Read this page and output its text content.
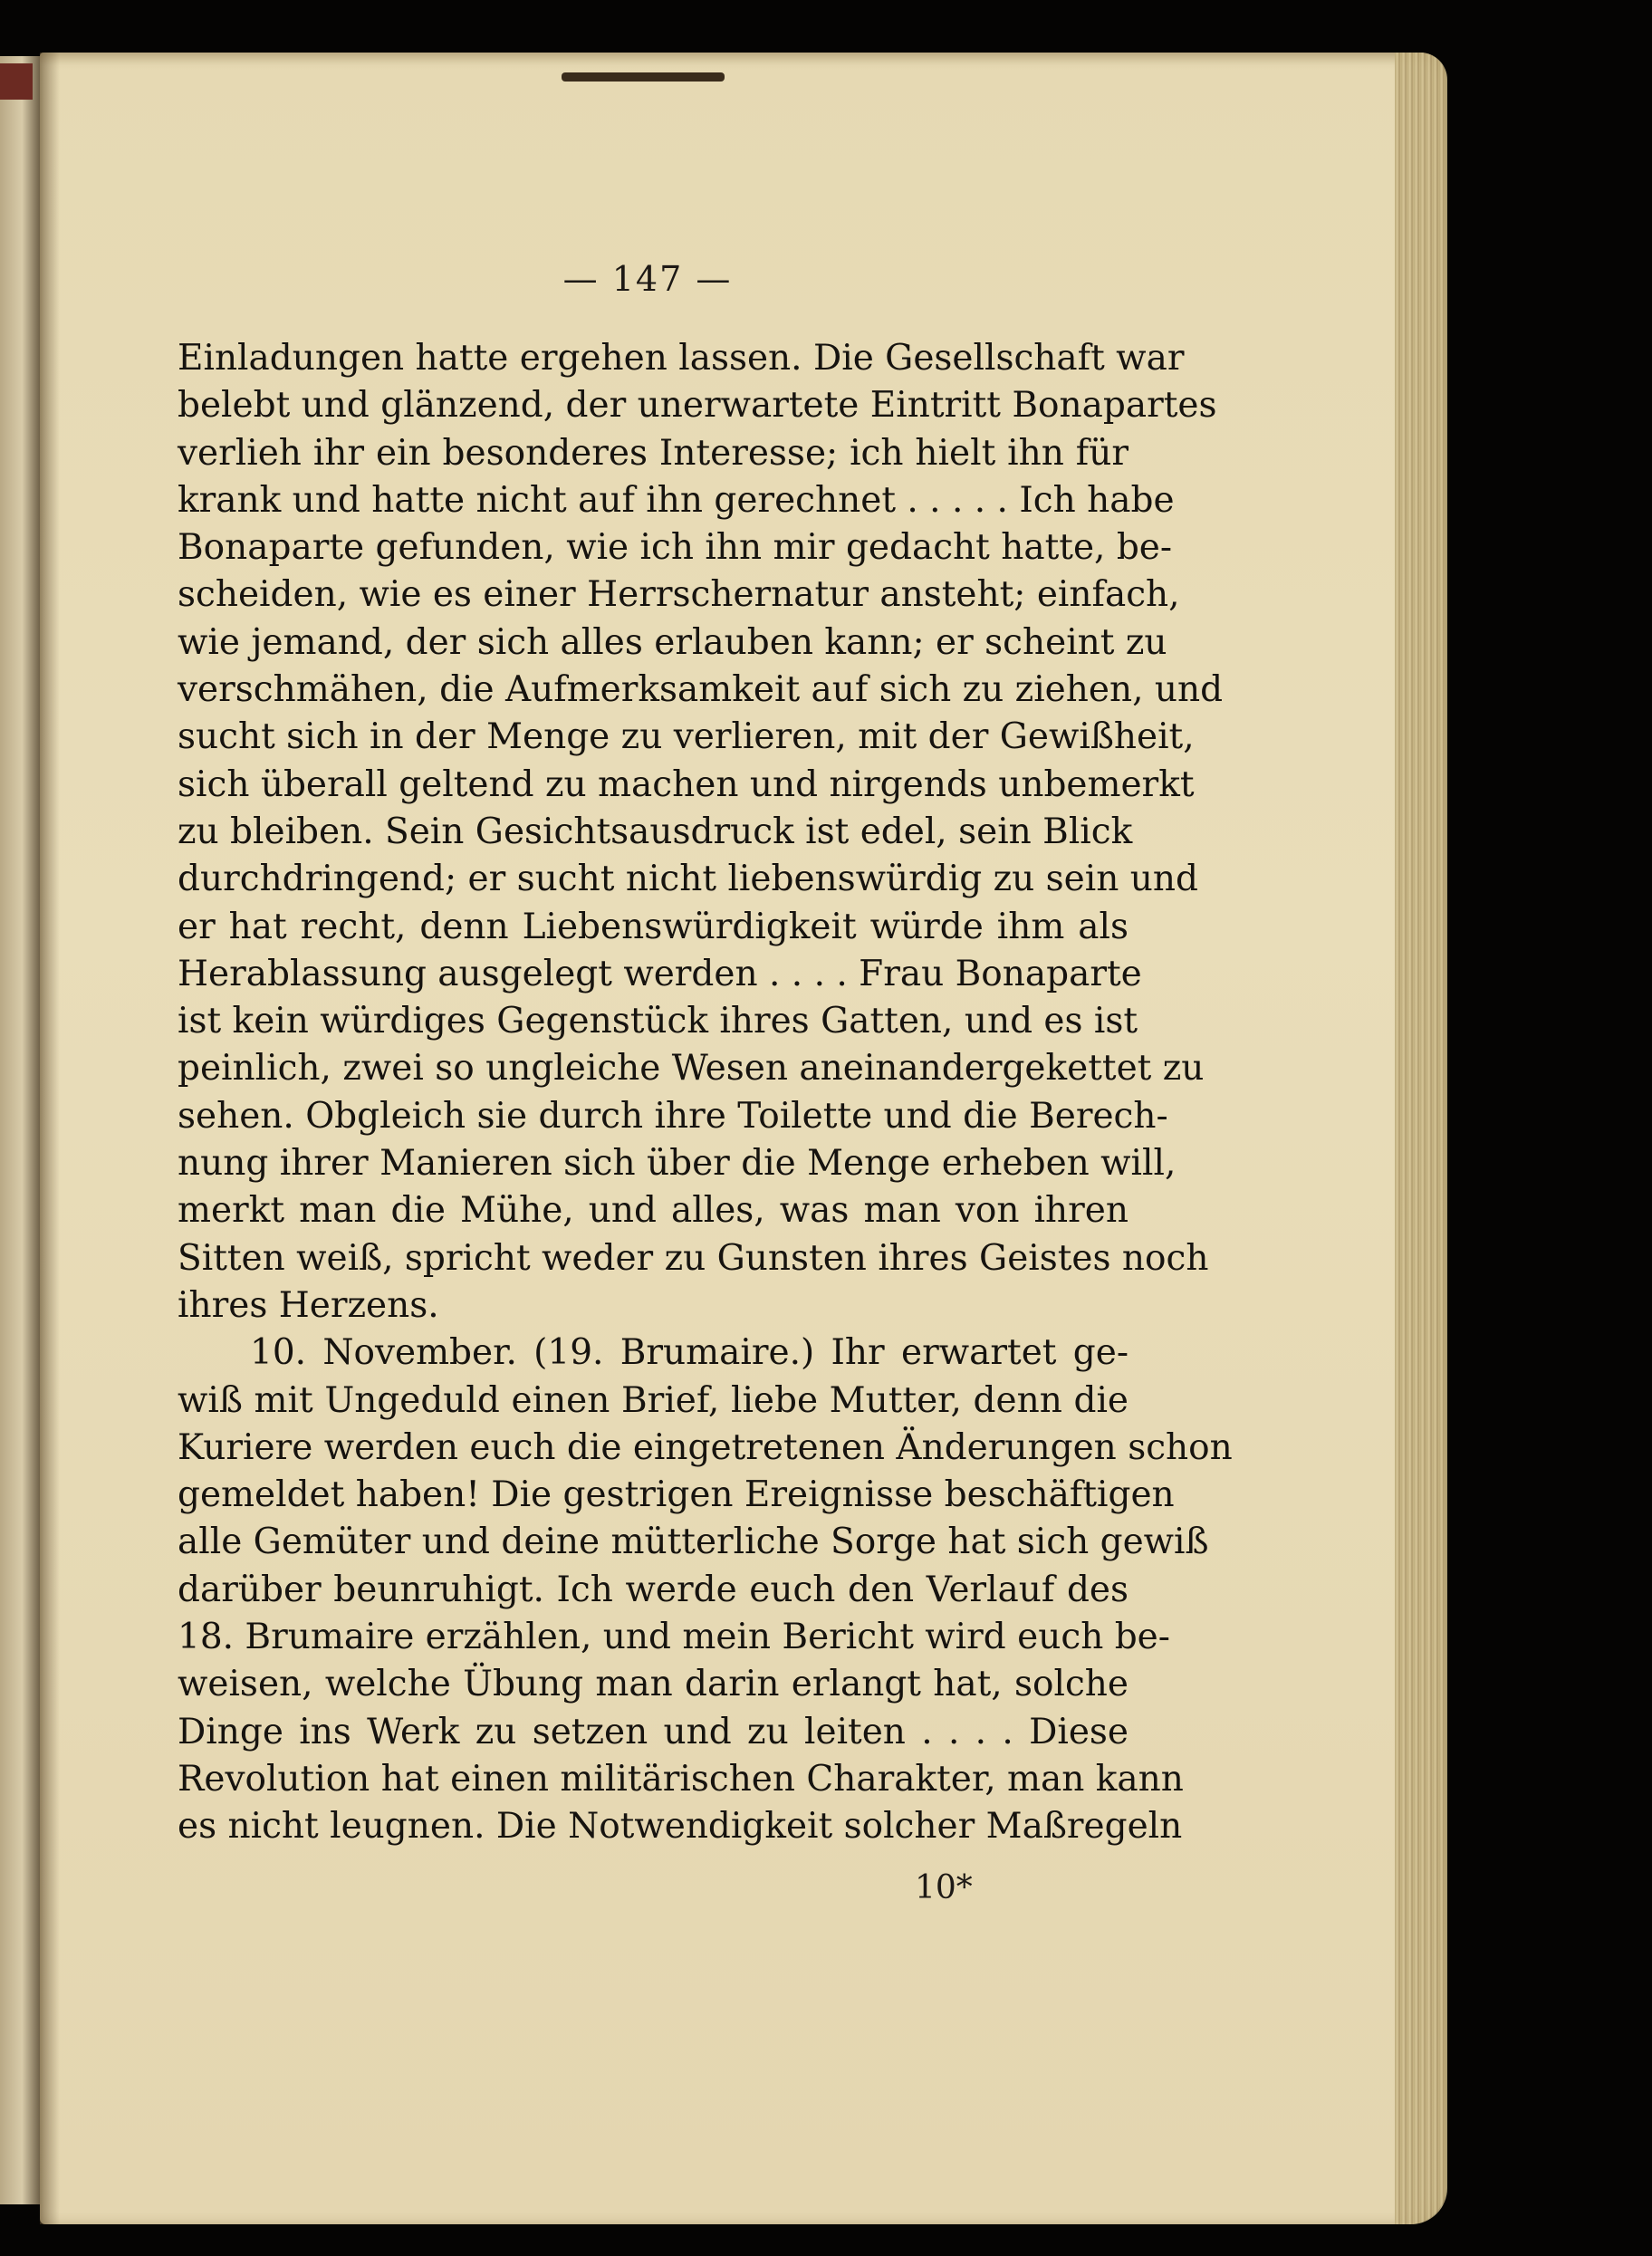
— 147 —
Einladungen hatte ergehen lassen. Die Gesellschaft war
belebt und glänzend, der unerwartete Eintritt Bonapartes
verlieh ihr ein besonderes Interesse; ich hielt ihn für
krank und hatte nicht auf ihn gerechnet . . . . . Ich habe
Bonaparte gefunden, wie ich ihn mir gedacht hatte, be-
scheiden, wie es einer Herrschernatur ansteht; einfach,
wie jemand, der sich alles erlauben kann; er scheint zu
verschmähen, die Aufmerksamkeit auf sich zu ziehen, und
sucht sich in der Menge zu verlieren, mit der Gewißheit,
sich überall geltend zu machen und nirgends unbemerkt
zu bleiben. Sein Gesichtsausdruck ist edel, sein Blick
durchdringend; er sucht nicht liebenswürdig zu sein und
er hat recht, denn Liebenswürdigkeit würde ihm als
Herablassung ausgelegt werden . . . . Frau Bonaparte
ist kein würdiges Gegenstück ihres Gatten, und es ist
peinlich, zwei so ungleiche Wesen aneinandergekettet zu
sehen. Obgleich sie durch ihre Toilette und die Berech-
nung ihrer Manieren sich über die Menge erheben will,
merkt man die Mühe, und alles, was man von ihren
Sitten weiß, spricht weder zu Gunsten ihres Geistes noch
ihres Herzens.
10. November. (19. Brumaire.) Ihr erwartet ge-
wiß mit Ungeduld einen Brief, liebe Mutter, denn die
Kuriere werden euch die eingetretenen Änderungen schon
gemeldet haben! Die gestrigen Ereignisse beschäftigen
alle Gemüter und deine mütterliche Sorge hat sich gewiß
darüber beunruhigt. Ich werde euch den Verlauf des
18. Brumaire erzählen, und mein Bericht wird euch be-
weisen, welche Übung man darin erlangt hat, solche
Dinge ins Werk zu setzen und zu leiten . . . . Diese
Revolution hat einen militärischen Charakter, man kann
es nicht leugnen. Die Notwendigkeit solcher Maßregeln
10*
